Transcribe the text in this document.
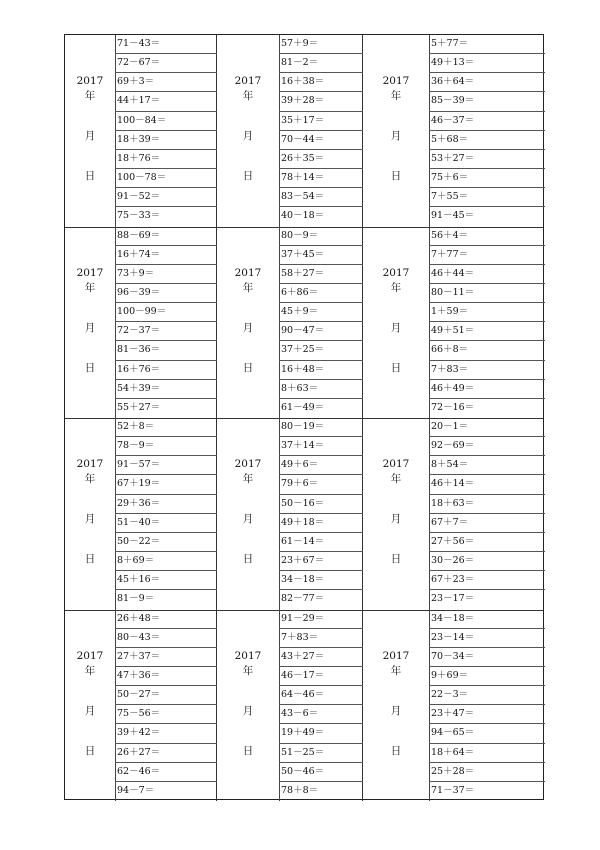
2017
年
月
日
71－43＝
72－67＝
69＋3＝
44＋17＝
100－84＝
18＋39＝
18＋76＝
100－78＝
91－52＝
75－33＝
2017
年
月
日
57＋9＝
81－2＝
16＋38＝
39＋28＝
35＋17＝
70－44＝
26＋35＝
78＋14＝
83－54＝
40－18＝
2017
年
月
日
5＋77＝
49＋13＝
36＋64＝
85－39＝
46－37＝
5＋68＝
53＋27＝
75＋6＝
7＋55＝
91－45＝
2017
年
月
日
88－69＝
16＋74＝
73＋9＝
96－39＝
100－99＝
72－37＝
81－36＝
16＋76＝
54＋39＝
55＋27＝
2017
年
月
日
80－9＝
37＋45＝
58＋27＝
6＋86＝
45＋9＝
90－47＝
37＋25＝
16＋48＝
8＋63＝
61－49＝
2017
年
月
日
56＋4＝
7＋77＝
46＋44＝
80－11＝
1＋59＝
49＋51＝
66＋8＝
7＋83＝
46＋49＝
72－16＝
2017
年
月
日
52＋8＝
78－9＝
91－57＝
67＋19＝
29＋36＝
51－40＝
50－22＝
8＋69＝
45＋16＝
81－9＝
2017
年
月
日
80－19＝
37＋14＝
49＋6＝
79＋6＝
50－16＝
49＋18＝
61－14＝
23＋67＝
34－18＝
82－77＝
2017
年
月
日
20－1＝
92－69＝
8＋54＝
46＋14＝
18＋63＝
67＋7＝
27＋56＝
30－26＝
67＋23＝
23－17＝
2017
年
月
日
26＋48＝
80－43＝
27＋37＝
47＋36＝
50－27＝
75－56＝
39＋42＝
26＋27＝
62－46＝
94－7＝
2017
年
月
日
91－29＝
7＋83＝
43＋27＝
46－17＝
64－46＝
43－6＝
19＋49＝
51－25＝
50－46＝
78＋8＝
2017
年
月
日
34－18＝
23－14＝
70－34＝
9＋69＝
22－3＝
23＋47＝
94－65＝
18＋64＝
25＋28＝
71－37＝
